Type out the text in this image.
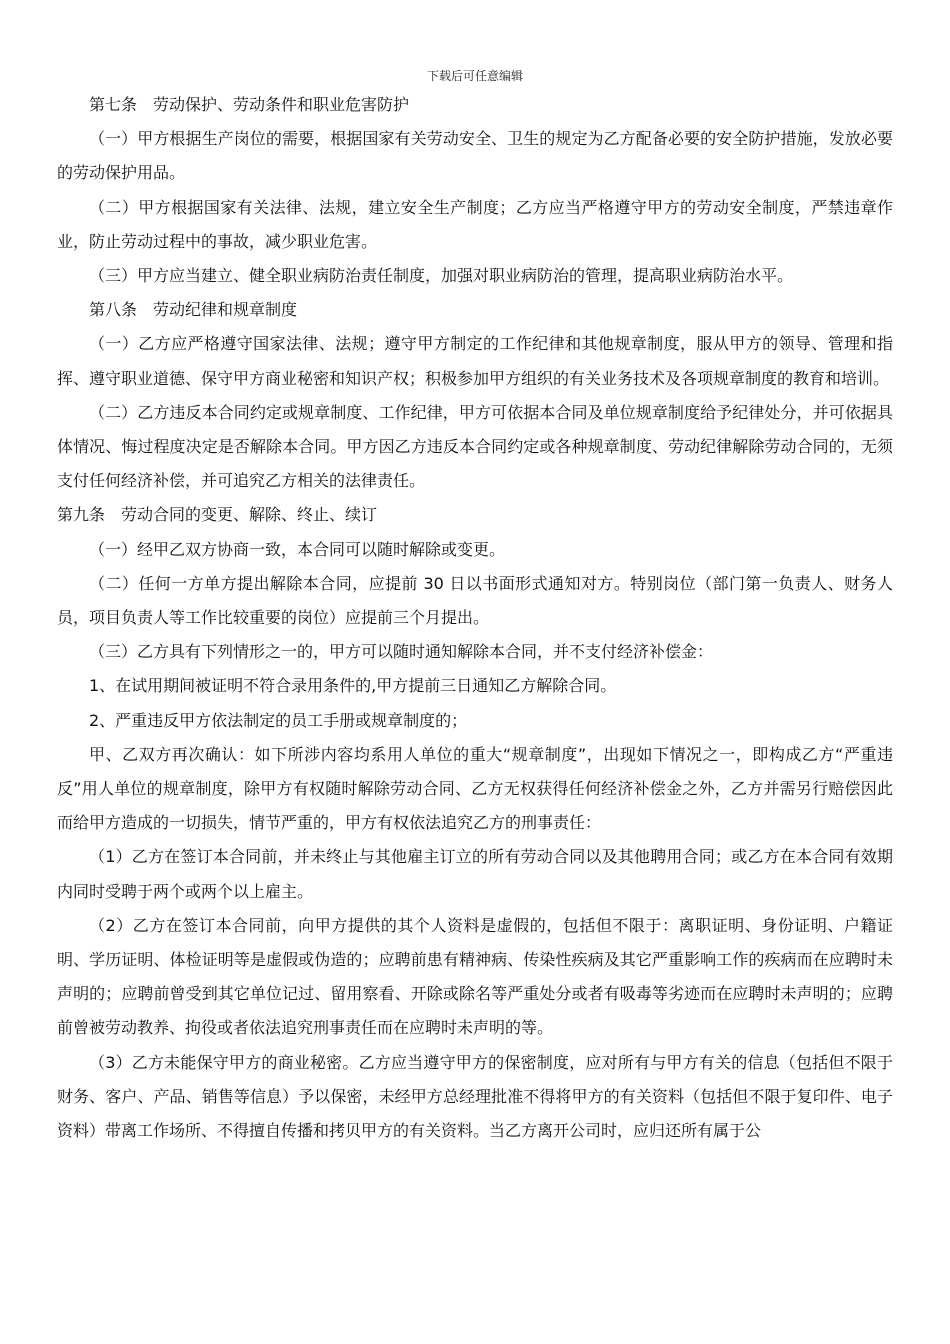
下载后可任意编辑

第七条　劳动保护、劳动条件和职业危害防护

（一）甲方根据生产岗位的需要，根据国家有关劳动安全、卫生的规定为乙方配备必要的安全防护措施，发放必要的劳动保护用品。

（二）甲方根据国家有关法律、法规，建立安全生产制度；乙方应当严格遵守甲方的劳动安全制度，严禁违章作业，防止劳动过程中的事故，减少职业危害。

（三）甲方应当建立、健全职业病防治责任制度，加强对职业病防治的管理，提高职业病防治水平。

第八条　劳动纪律和规章制度

（一）乙方应严格遵守国家法律、法规；遵守甲方制定的工作纪律和其他规章制度，服从甲方的领导、管理和指挥、遵守职业道德、保守甲方商业秘密和知识产权；积极参加甲方组织的有关业务技术及各项规章制度的教育和培训。

（二）乙方违反本合同约定或规章制度、工作纪律，甲方可依据本合同及单位规章制度给予纪律处分，并可依据具体情况、悔过程度决定是否解除本合同。甲方因乙方违反本合同约定或各种规章制度、劳动纪律解除劳动合同的，无须支付任何经济补偿，并可追究乙方相关的法律责任。

第九条　劳动合同的变更、解除、终止、续订

（一）经甲乙双方协商一致，本合同可以随时解除或变更。

（二）任何一方单方提出解除本合同，应提前 30 日以书面形式通知对方。特别岗位（部门第一负责人、财务人员，项目负责人等工作比较重要的岗位）应提前三个月提出。

（三）乙方具有下列情形之一的，甲方可以随时通知解除本合同，并不支付经济补偿金：

1、在试用期间被证明不符合录用条件的,甲方提前三日通知乙方解除合同。

2、严重违反甲方依法制定的员工手册或规章制度的；

甲、乙双方再次确认：如下所涉内容均系用人单位的重大“规章制度”，出现如下情况之一，即构成乙方“严重违反”用人单位的规章制度，除甲方有权随时解除劳动合同、乙方无权获得任何经济补偿金之外，乙方并需另行赔偿因此而给甲方造成的一切损失，情节严重的，甲方有权依法追究乙方的刑事责任：

（1）乙方在签订本合同前，并未终止与其他雇主订立的所有劳动合同以及其他聘用合同；或乙方在本合同有效期内同时受聘于两个或两个以上雇主。

（2）乙方在签订本合同前，向甲方提供的其个人资料是虚假的，包括但不限于：离职证明、身份证明、户籍证明、学历证明、体检证明等是虚假或伪造的；应聘前患有精神病、传染性疾病及其它严重影响工作的疾病而在应聘时未声明的；应聘前曾受到其它单位记过、留用察看、开除或除名等严重处分或者有吸毒等劣迹而在应聘时未声明的；应聘前曾被劳动教养、拘役或者依法追究刑事责任而在应聘时未声明的等。

（3）乙方未能保守甲方的商业秘密。乙方应当遵守甲方的保密制度，应对所有与甲方有关的信息（包括但不限于财务、客户、产品、销售等信息）予以保密，未经甲方总经理批准不得将甲方的有关资料（包括但不限于复印件、电子资料）带离工作场所、不得擅自传播和拷贝甲方的有关资料。当乙方离开公司时，应归还所有属于公
